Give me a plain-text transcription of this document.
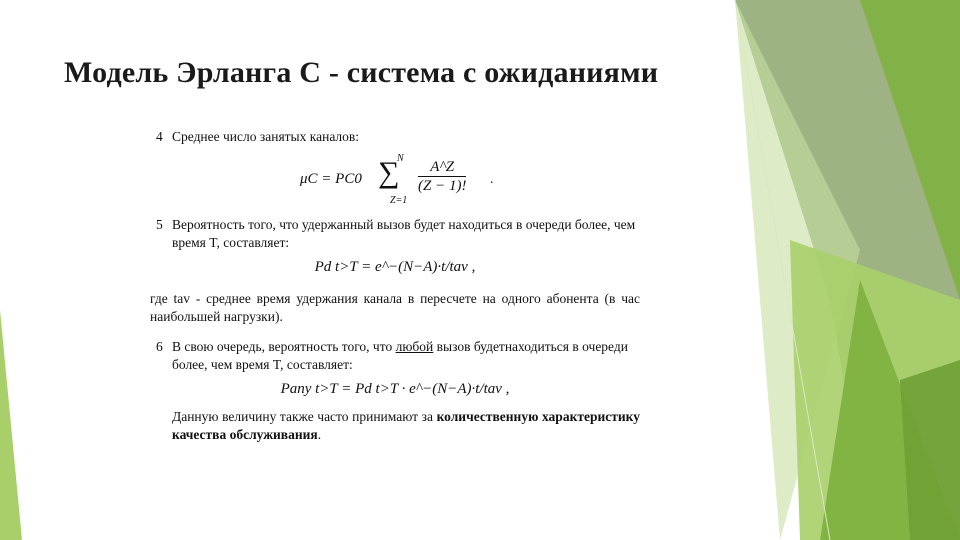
Модель Эрланга С - система с ожиданиями
4 Среднее число занятых каналов:
μC = PC0
N
∑
Z=1
$\frac{A\^{}Z}{(Z - 1)!}$ .
5 Вероятность того, что удержанный вызов будет находиться в очереди более, чем время T, составляет:
Pd t>T = e^−(N−A)·t/tav ,
где tav - среднее время удержания канала в пересчете на одного абонента (в час наибольшей нагрузки).
6 В свою очередь, вероятность того, что любой вызов будетнаходиться в очереди более, чем время T, составляет:
Pany t>T = Pd t>T · e^−(N−A)·t/tav ,
Данную величину также часто принимают за количественную характеристику качества обслуживания.
